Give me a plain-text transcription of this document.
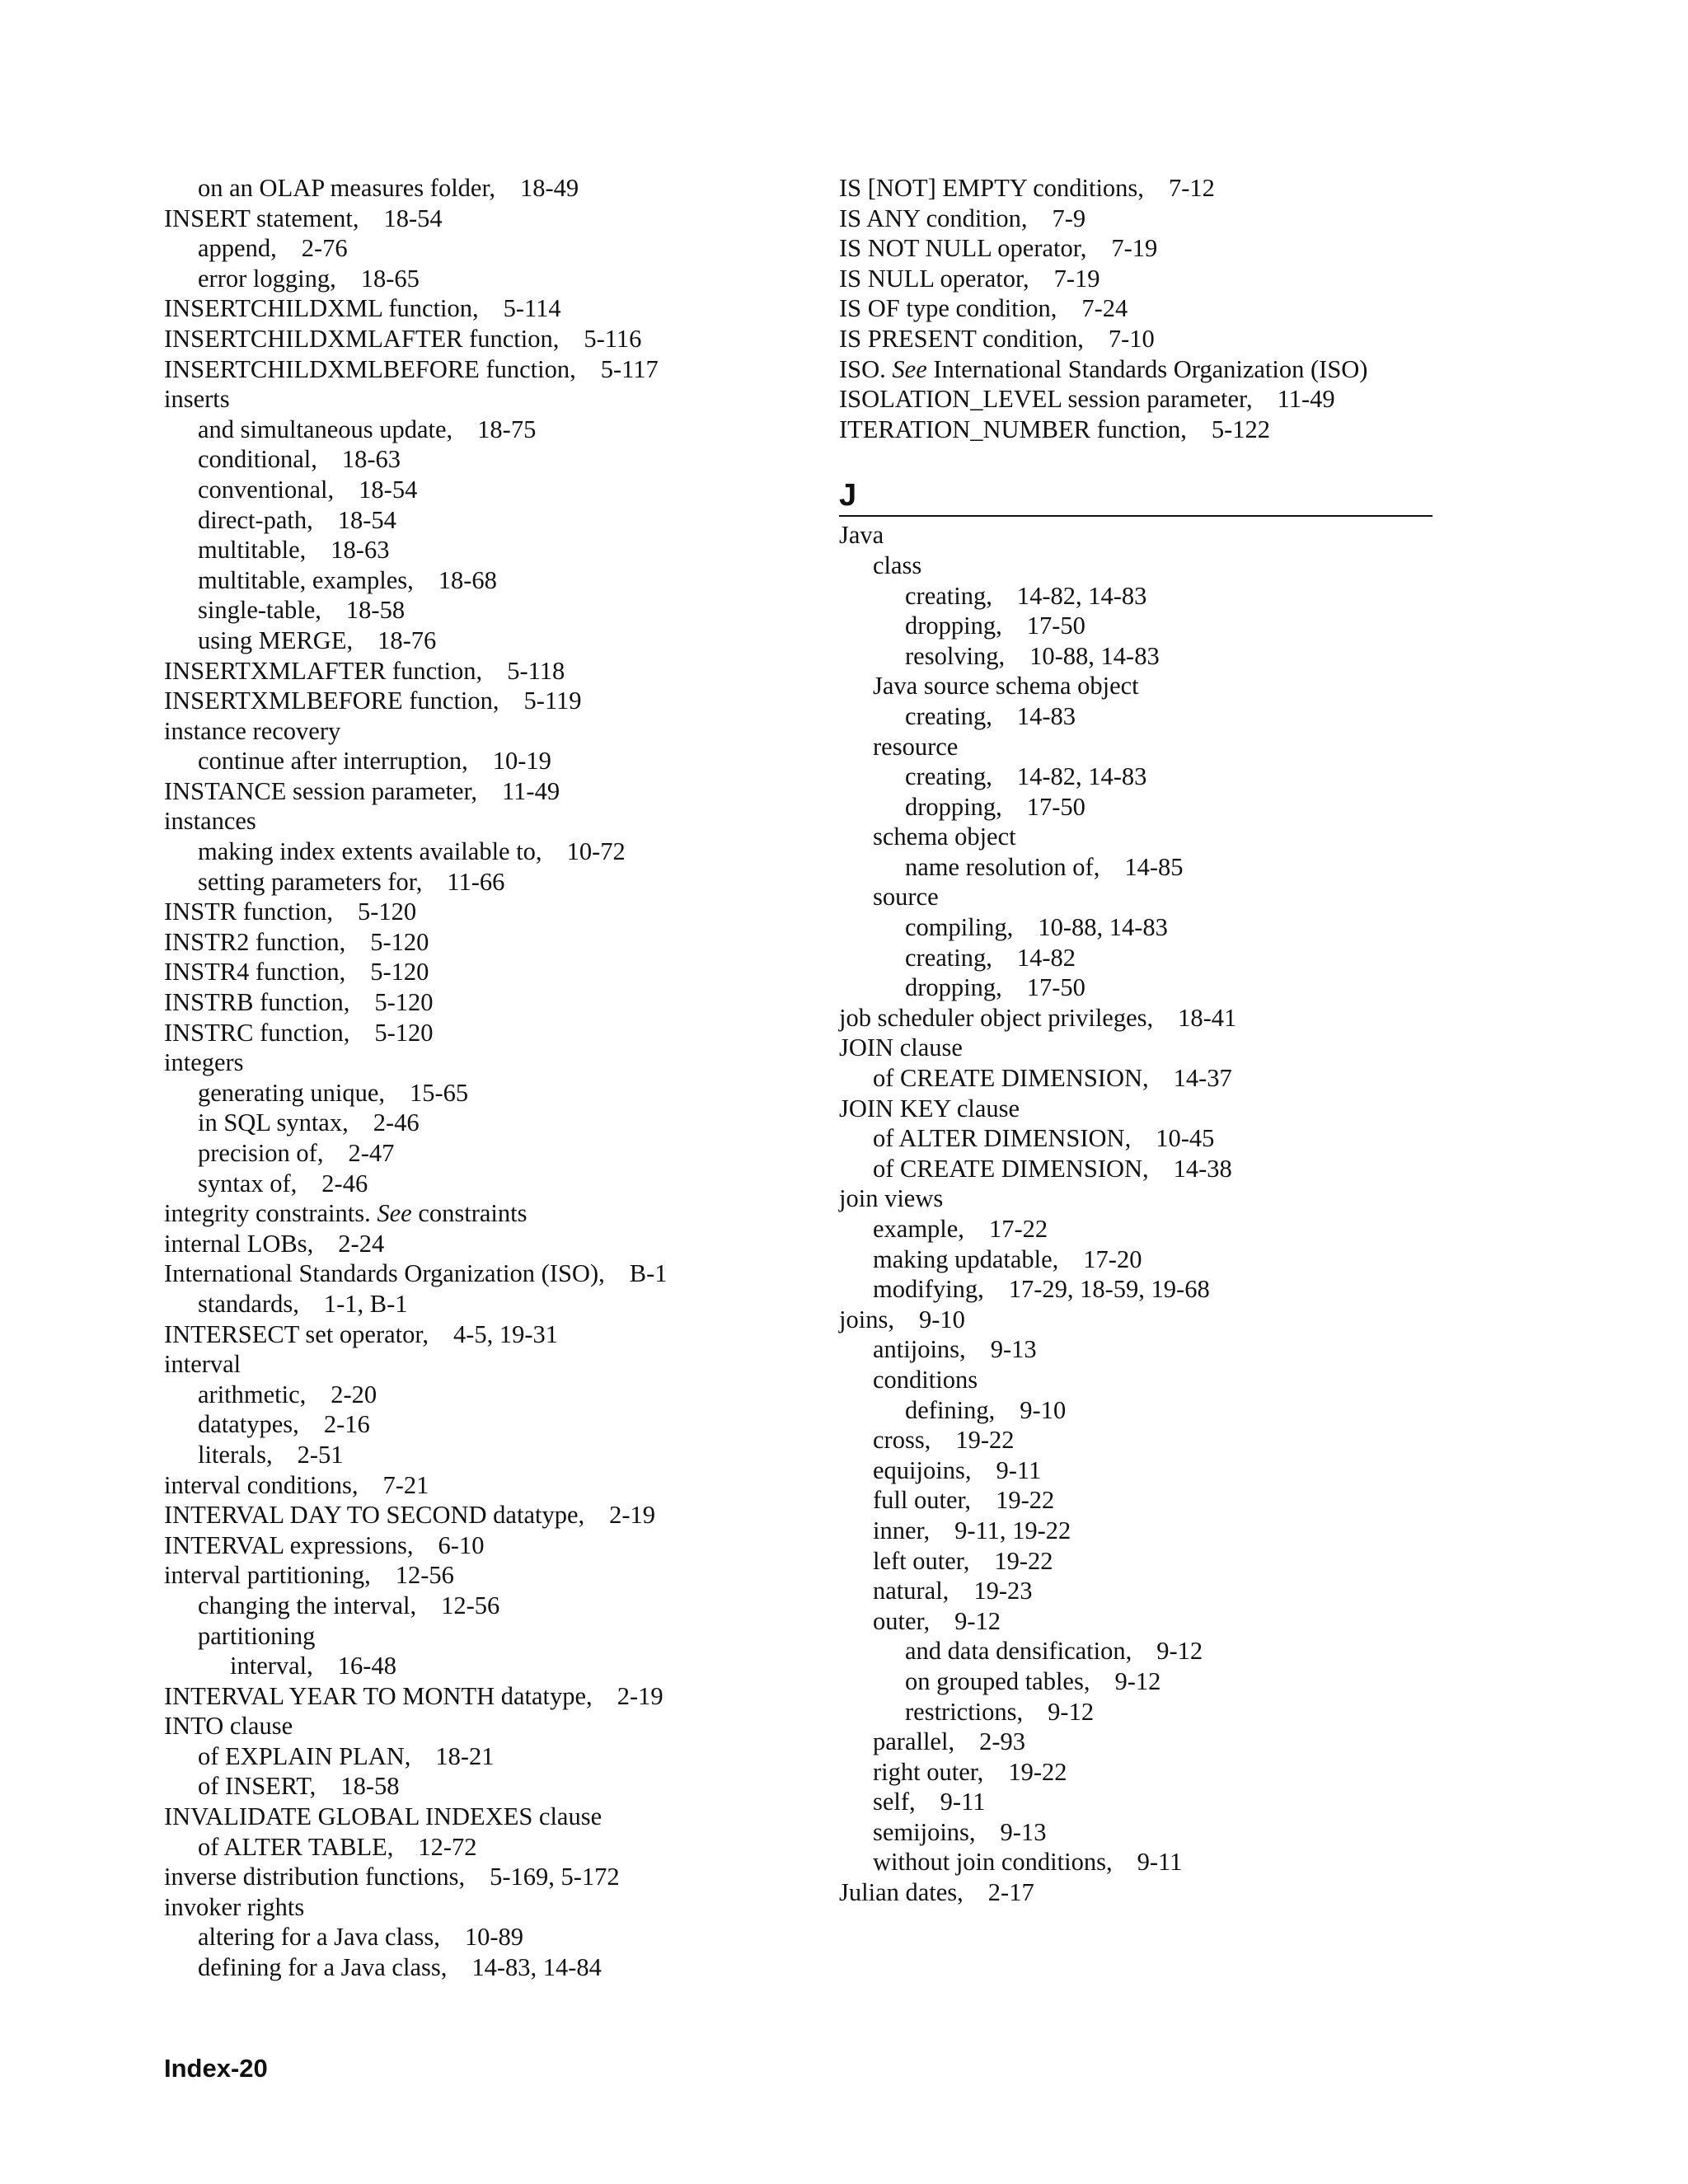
on an OLAP measures folder, 18-49
INSERT statement, 18-54
append, 2-76
error logging, 18-65
INSERTCHILDXML function, 5-114
INSERTCHILDXMLAFTER function, 5-116
INSERTCHILDXMLBEFORE function, 5-117
inserts
and simultaneous update, 18-75
conditional, 18-63
conventional, 18-54
direct-path, 18-54
multitable, 18-63
multitable, examples, 18-68
single-table, 18-58
using MERGE, 18-76
INSERTXMLAFTER function, 5-118
INSERTXMLBEFORE function, 5-119
instance recovery
continue after interruption, 10-19
INSTANCE session parameter, 11-49
instances
making index extents available to, 10-72
setting parameters for, 11-66
INSTR function, 5-120
INSTR2 function, 5-120
INSTR4 function, 5-120
INSTRB function, 5-120
INSTRC function, 5-120
integers
generating unique, 15-65
in SQL syntax, 2-46
precision of, 2-47
syntax of, 2-46
integrity constraints. See constraints
internal LOBs, 2-24
International Standards Organization (ISO), B-1
standards, 1-1, B-1
INTERSECT set operator, 4-5, 19-31
interval
arithmetic, 2-20
datatypes, 2-16
literals, 2-51
interval conditions, 7-21
INTERVAL DAY TO SECOND datatype, 2-19
INTERVAL expressions, 6-10
interval partitioning, 12-56
changing the interval, 12-56
partitioning
interval, 16-48
INTERVAL YEAR TO MONTH datatype, 2-19
INTO clause
of EXPLAIN PLAN, 18-21
of INSERT, 18-58
INVALIDATE GLOBAL INDEXES clause
of ALTER TABLE, 12-72
inverse distribution functions, 5-169, 5-172
invoker rights
altering for a Java class, 10-89
defining for a Java class, 14-83, 14-84
IS [NOT] EMPTY conditions, 7-12
IS ANY condition, 7-9
IS NOT NULL operator, 7-19
IS NULL operator, 7-19
IS OF type condition, 7-24
IS PRESENT condition, 7-10
ISO. See International Standards Organization (ISO)
ISOLATION_LEVEL session parameter, 11-49
ITERATION_NUMBER function, 5-122
J
Java
class
creating, 14-82, 14-83
dropping, 17-50
resolving, 10-88, 14-83
Java source schema object
creating, 14-83
resource
creating, 14-82, 14-83
dropping, 17-50
schema object
name resolution of, 14-85
source
compiling, 10-88, 14-83
creating, 14-82
dropping, 17-50
job scheduler object privileges, 18-41
JOIN clause
of CREATE DIMENSION, 14-37
JOIN KEY clause
of ALTER DIMENSION, 10-45
of CREATE DIMENSION, 14-38
join views
example, 17-22
making updatable, 17-20
modifying, 17-29, 18-59, 19-68
joins, 9-10
antijoins, 9-13
conditions
defining, 9-10
cross, 19-22
equijoins, 9-11
full outer, 19-22
inner, 9-11, 19-22
left outer, 19-22
natural, 19-23
outer, 9-12
and data densification, 9-12
on grouped tables, 9-12
restrictions, 9-12
parallel, 2-93
right outer, 19-22
self, 9-11
semijoins, 9-13
without join conditions, 9-11
Julian dates, 2-17
Index-20
